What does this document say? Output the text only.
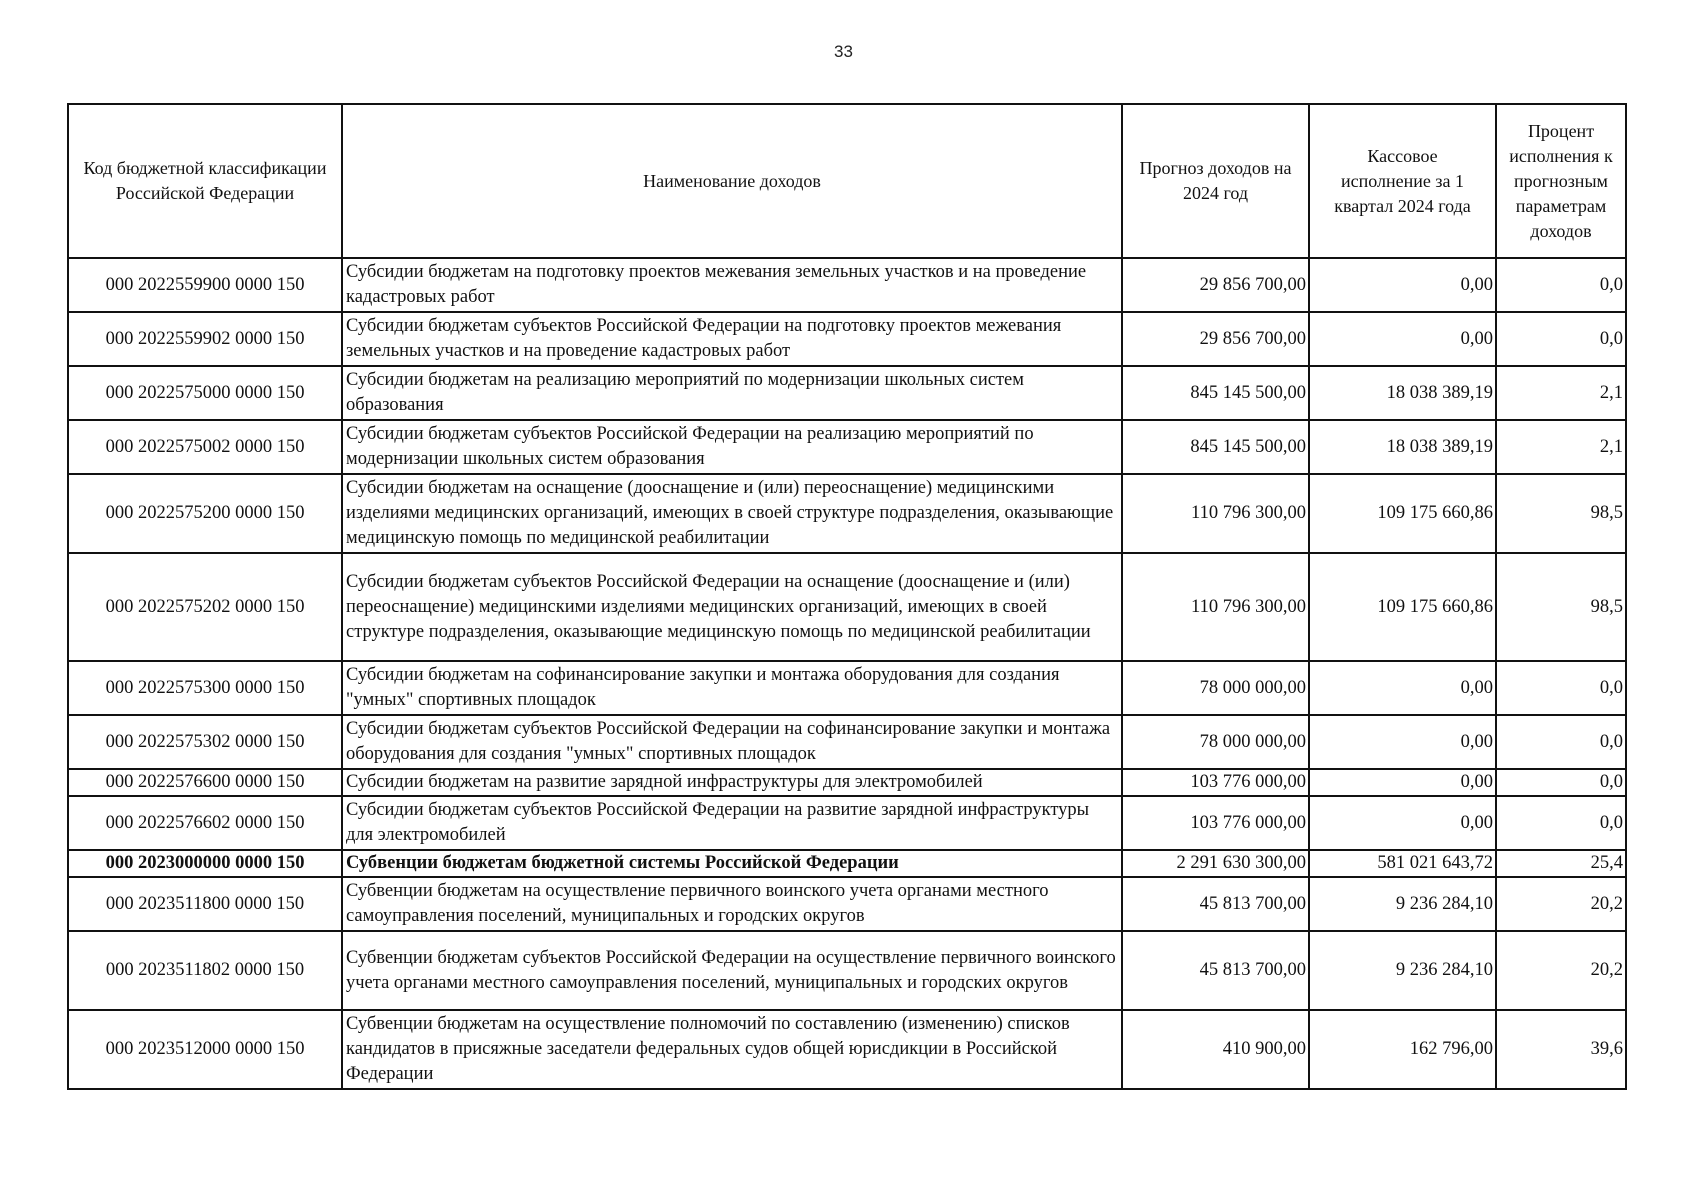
33
Код бюджетной классификации Российской Федерации	Наименование доходов	Прогноз доходов на 2024 год	Кассовое исполнение за 1 квартал 2024 года	Процент исполнения к прогнозным параметрам доходов
000 2022559900 0000 150	Субсидии бюджетам на подготовку проектов межевания земельных участков и на проведение кадастровых работ	29 856 700,00	0,00	0,0
000 2022559902 0000 150	Субсидии бюджетам субъектов Российской Федерации на подготовку проектов межевания земельных участков и на проведение кадастровых работ	29 856 700,00	0,00	0,0
000 2022575000 0000 150	Субсидии бюджетам на реализацию мероприятий по модернизации школьных систем образования	845 145 500,00	18 038 389,19	2,1
000 2022575002 0000 150	Субсидии бюджетам субъектов Российской Федерации на реализацию мероприятий по модернизации школьных систем образования	845 145 500,00	18 038 389,19	2,1
000 2022575200 0000 150	Субсидии бюджетам на оснащение (дооснащение и (или) переоснащение) медицинскими изделиями медицинских организаций, имеющих в своей структуре подразделения, оказывающие медицинскую помощь по медицинской реабилитации	110 796 300,00	109 175 660,86	98,5
000 2022575202 0000 150	Субсидии бюджетам субъектов Российской Федерации на оснащение (дооснащение и (или) переоснащение) медицинскими изделиями медицинских организаций, имеющих в своей структуре подразделения, оказывающие медицинскую помощь по медицинской реабилитации	110 796 300,00	109 175 660,86	98,5
000 2022575300 0000 150	Субсидии бюджетам на софинансирование закупки и монтажа оборудования для создания "умных" спортивных площадок	78 000 000,00	0,00	0,0
000 2022575302 0000 150	Субсидии бюджетам субъектов Российской Федерации на софинансирование закупки и монтажа оборудования для создания "умных" спортивных площадок	78 000 000,00	0,00	0,0
000 2022576600 0000 150	Субсидии бюджетам на развитие зарядной инфраструктуры для электромобилей	103 776 000,00	0,00	0,0
000 2022576602 0000 150	Субсидии бюджетам субъектов Российской Федерации на развитие зарядной инфраструктуры для электромобилей	103 776 000,00	0,00	0,0
000 2023000000 0000 150	Субвенции бюджетам бюджетной системы Российской Федерации	2 291 630 300,00	581 021 643,72	25,4
000 2023511800 0000 150	Субвенции бюджетам на осуществление первичного воинского учета органами местного самоуправления поселений, муниципальных и городских округов	45 813 700,00	9 236 284,10	20,2
000 2023511802 0000 150	Субвенции бюджетам субъектов Российской Федерации на осуществление первичного воинского учета органами местного самоуправления поселений, муниципальных и городских округов	45 813 700,00	9 236 284,10	20,2
000 2023512000 0000 150	Субвенции бюджетам на осуществление полномочий по составлению (изменению) списков кандидатов в присяжные заседатели федеральных судов общей юрисдикции в Российской Федерации	410 900,00	162 796,00	39,6
